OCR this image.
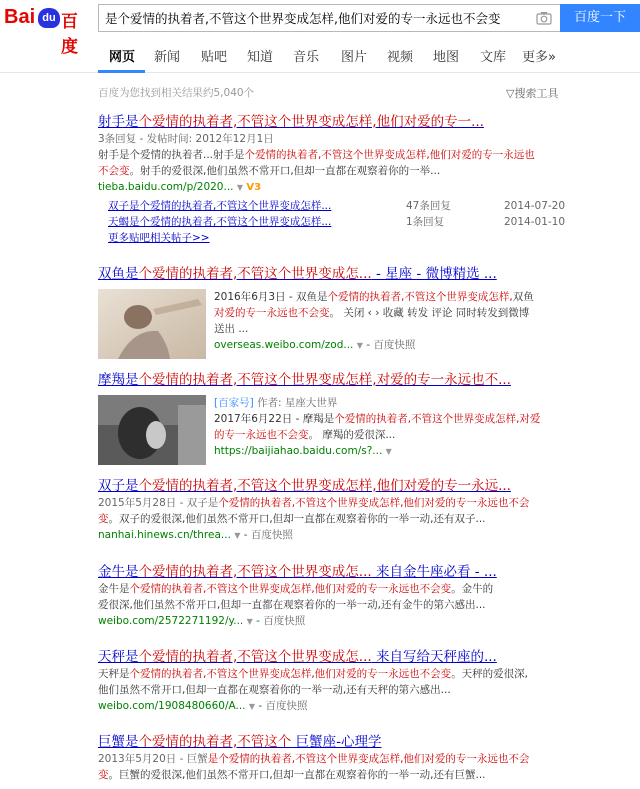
Bai du 百度
是个爱情的执着者,不管这个世界变成怎样,他们对爱的专一永远也不会变	百度一下
网页 新闻 贴吧 知道 音乐 图片 视频 地图 文库 更多»
百度为您找到相关结果约5,040个	▽搜索工具
射手是个爱情的执着者,不管这个世界变成怎样,他们对爱的专一...
3条回复 - 发帖时间: 2012年12月1日
射手是个爱情的执着者...射手是个爱情的执着者,不管这个世界变成怎样,他们对爱的专一永远也
不会变。射手的爱很深,他们虽然不常开口,但却一直都在观察着你的一举...
tieba.baidu.com/p/2020... ▼ V3
双子是个爱情的执着者,不管这个世界变成怎样...	47条回复	2014-07-20
天蝎是个爱情的执着者,不管这个世界变成怎样...	1条回复	2014-01-10
更多贴吧相关帖子>>
双鱼是个爱情的执着者,不管这个世界变成怎... - 星座 - 微博精选 ...
2016年6月3日 - 双鱼是个爱情的执着者,不管这个世界变成怎样,双鱼
对爱的专一永远也不会变。 关闭 ‹ › 收藏 转发 评论 同时转发到微博
送出 ...
overseas.weibo.com/zod... ▼ - 百度快照
摩羯是个爱情的执着者,不管这个世界变成怎样,对爱的专一永远也不...
[百家号] 作者: 星座大世界
2017年6月22日 - 摩羯是个爱情的执着者,不管这个世界变成怎样,对爱
的专一永远也不会变。 摩羯的爱很深...
https://baijiahao.baidu.com/s?... ▼
双子是个爱情的执着者,不管这个世界变成怎样,他们对爱的专一永远...
2015年5月28日 - 双子是个爱情的执着者,不管这个世界变成怎样,他们对爱的专一永远也不会
变。双子的爱很深,他们虽然不常开口,但却一直都在观察着你的一举一动,还有双子...
nanhai.hinews.cn/threa... ▼ - 百度快照
金牛是个爱情的执着者,不管这个世界变成怎... 来自金牛座必看 - ...
金牛是个爱情的执着者,不管这个世界变成怎样,他们对爱的专一永远也不会变。金牛的
爱很深,他们虽然不常开口,但却一直都在观察着你的一举一动,还有金牛的第六感出...
weibo.com/2572271192/y... ▼ - 百度快照
天秤是个爱情的执着者,不管这个世界变成怎... 来自写给天秤座的...
天秤是个爱情的执着者,不管这个世界变成怎样,他们对爱的专一永远也不会变。天秤的爱很深,
他们虽然不常开口,但却一直都在观察着你的一举一动,还有天秤的第六感出...
weibo.com/1908480660/A... ▼ - 百度快照
巨蟹是个爱情的执着者,不管这个 巨蟹座-心理学
2013年5月20日 - 巨蟹是个爱情的执着者,不管这个世界变成怎样,他们对爱的专一永远也不会
变。巨蟹的爱很深,他们虽然不常开口,但却一直都在观察着你的一举一动,还有巨蟹...
